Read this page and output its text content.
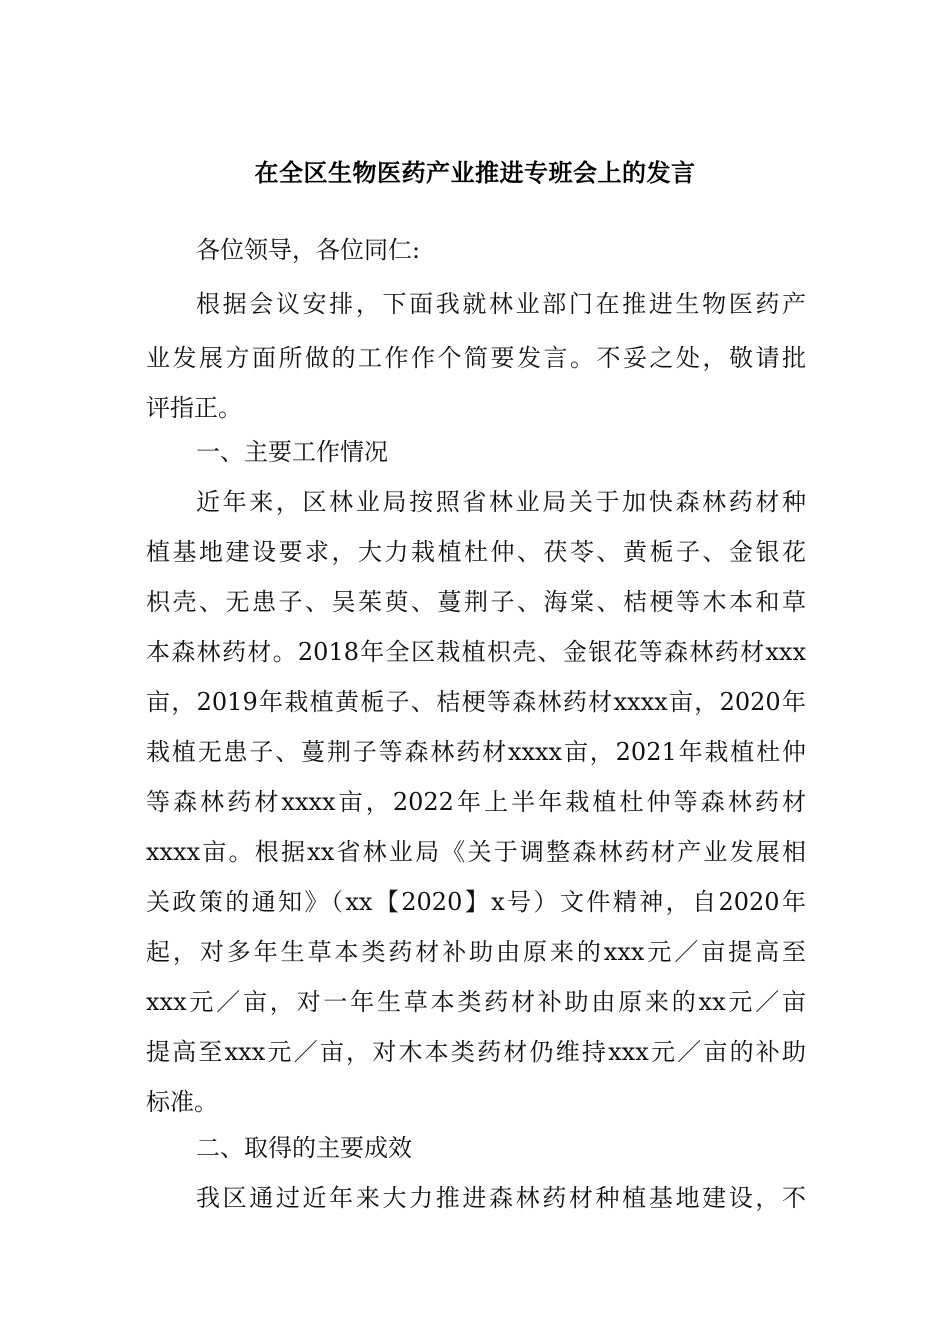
在全区生物医药产业推进专班会上的发言
各位领导，各位同仁:
根据会议安排，下面我就林业部门在推进生物医药产
业发展方面所做的工作作个简要发言。不妥之处，敬请批
评指正。
一、主要工作情况
近年来，区林业局按照省林业局关于加快森林药材种
植基地建设要求，大力栽植杜仲、茯苓、黄栀子、金银花
枳壳、无患子、吴茱萸、蔓荆子、海棠、桔梗等木本和草
本森林药材。2018年全区栽植枳壳、金银花等森林药材xxx
亩，2019年栽植黄栀子、桔梗等森林药材xxxx亩，2020年
栽植无患子、蔓荆子等森林药材xxxx亩，2021年栽植杜仲
等森林药材xxxx亩，2022年上半年栽植杜仲等森林药材
xxxx亩。根据xx省林业局《关于调整森林药材产业发展相
关政策的通知》（xx【2020】x号）文件精神，自2020年
起，对多年生草本类药材补助由原来的xxx元／亩提高至
xxx元／亩，对一年生草本类药材补助由原来的xx元／亩
提高至xxx元／亩，对木本类药材仍维持xxx元／亩的补助
标准。
二、取得的主要成效
我区通过近年来大力推进森林药材种植基地建设，不
